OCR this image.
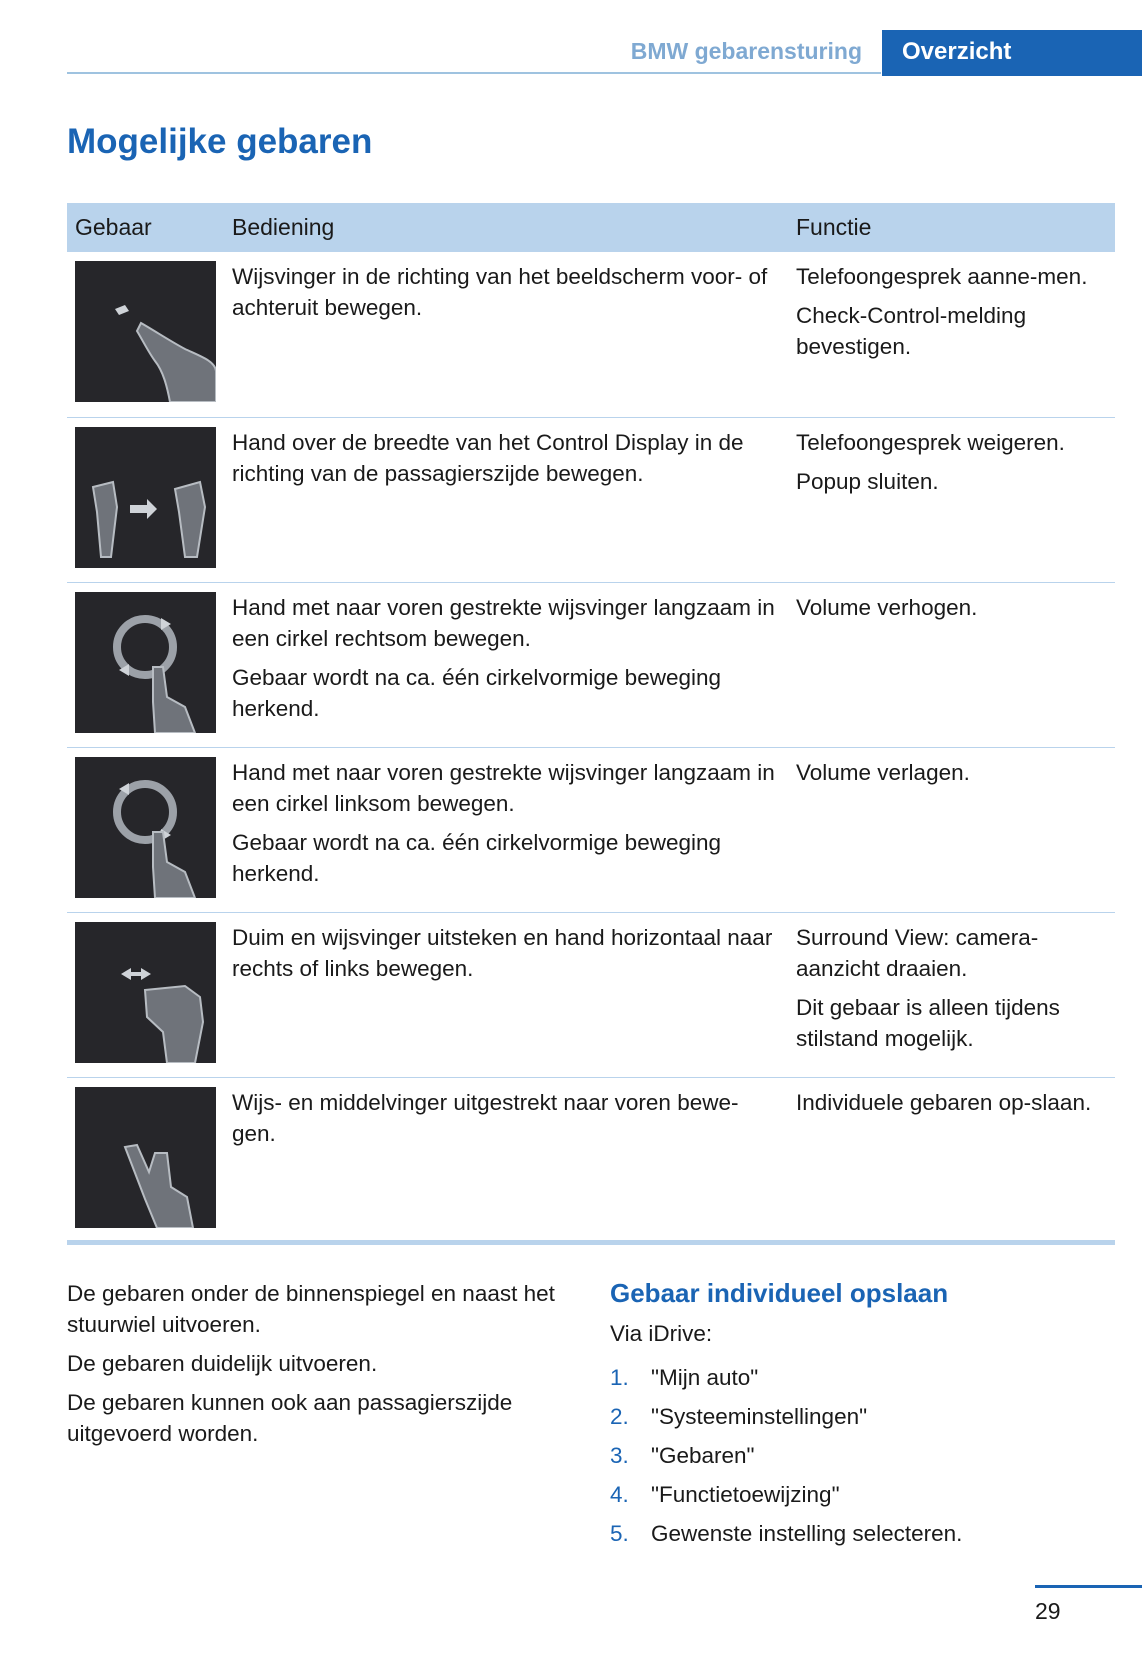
BMW gebarensturing	Overzicht
Mogelijke gebaren
Gebaar	Bediening	Functie

Wijsvinger in de richting van het beeldscherm voor- of achteruit bewegen.	Telefoongesprek aanne-men.

Check-Control-melding bevestigen.

Hand over de breedte van het Control Display in de richting van de passagierszijde bewegen.	Telefoongesprek weigeren.

Popup sluiten.

Hand met naar voren gestrekte wijsvinger langzaam in een cirkel rechtsom bewegen.

Gebaar wordt na ca. één cirkelvormige beweging herkend.	Volume verhogen.

Hand met naar voren gestrekte wijsvinger langzaam in een cirkel linksom bewegen.

Gebaar wordt na ca. één cirkelvormige beweging herkend.	Volume verlagen.

Duim en wijsvinger uitsteken en hand horizontaal naar rechts of links bewegen.	Surround View: camera-aanzicht draaien.

Dit gebaar is alleen tijdens stilstand mogelijk.

Wijs- en middelvinger uitgestrekt naar voren bewe-gen.	Individuele gebaren op-slaan.

De gebaren onder de binnenspiegel en naast het stuurwiel uitvoeren.

De gebaren duidelijk uitvoeren.

De gebaren kunnen ook aan passagierszijde uitgevoerd worden.

Gebaar individueel opslaan
Via iDrive:
1. "Mijn auto"
2. "Systeeminstellingen"
3. "Gebaren"
4. "Functietoewijzing"
5. Gewenste instelling selecteren.
29
